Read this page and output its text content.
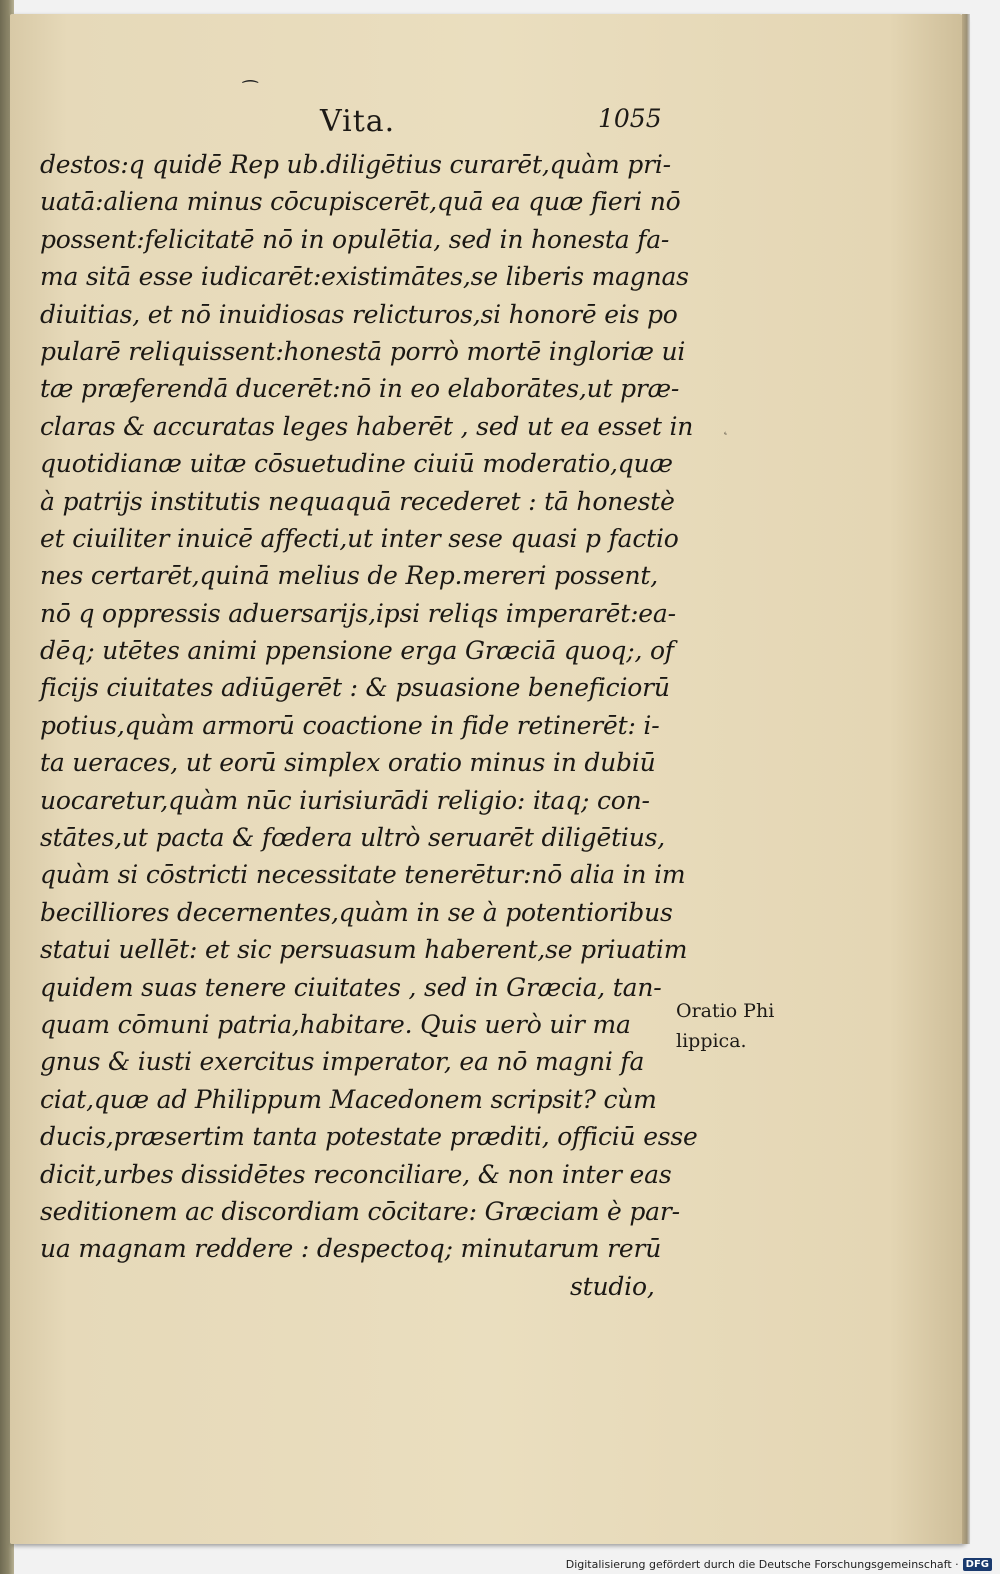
⁀
Vita.	1055
destos:q quidē Rep ub.diligētius curarēt,quàm pri-
uatā:aliena minus cōcupiscerēt,quā ea quæ fieri nō
possent:felicitatē nō in opulētia, sed in honesta fa-
ma sitā esse iudicarēt:existimātes,se liberis magnas
diuitias, et nō inuidiosas relicturos,si honorē eis po
pularē reliquissent:honestā porrò mortē ingloriæ ui
tæ præferendā ducerēt:nō in eo elaborātes,ut præ-
claras & accuratas leges haberēt , sed ut ea esset in
quotidianæ uitæ cōsuetudine ciuiū moderatio,quæ
à patrijs institutis nequaquā recederet : tā honestè
et ciuiliter inuicē affecti,ut inter sese quasi p factio
nes certarēt,quinā melius de Rep.mereri possent,
nō q oppressis aduersarijs,ipsi reliqs imperarēt:ea-
dēq; utētes animi ppensione erga Græciā quoq;, of
ficijs ciuitates adiūgerēt : & psuasione beneficiorū
potius,quàm armorū coactione in fide retinerēt: i-
ta ueraces, ut eorū simplex oratio minus in dubiū
uocaretur,quàm nūc iurisiurādi religio: itaq; con-
stātes,ut pacta & fœdera ultrò seruarēt diligētius,
quàm si cōstricti necessitate tenerētur:nō alia in im
becilliores decernentes,quàm in se à potentioribus
statui uellēt: et sic persuasum haberent,se priuatim
quidem suas tenere ciuitates , sed in Græcia, tan-
quam cōmuni patria,habitare. Quis uerò uir ma
gnus & iusti exercitus imperator, ea nō magni fa
ciat,quæ ad Philippum Macedonem scripsit? cùm
ducis,præsertim tanta potestate præditi, officiū esse
dicit,urbes dissidētes reconciliare, & non inter eas
seditionem ac discordiam cōcitare: Græciam è par-
ua magnam reddere : despectoq; minutarum rerū
studio,
Oratio Phi
lippica.
˛
Digitalisierung gefördert durch die Deutsche Forschungsgemeinschaft · DFG
